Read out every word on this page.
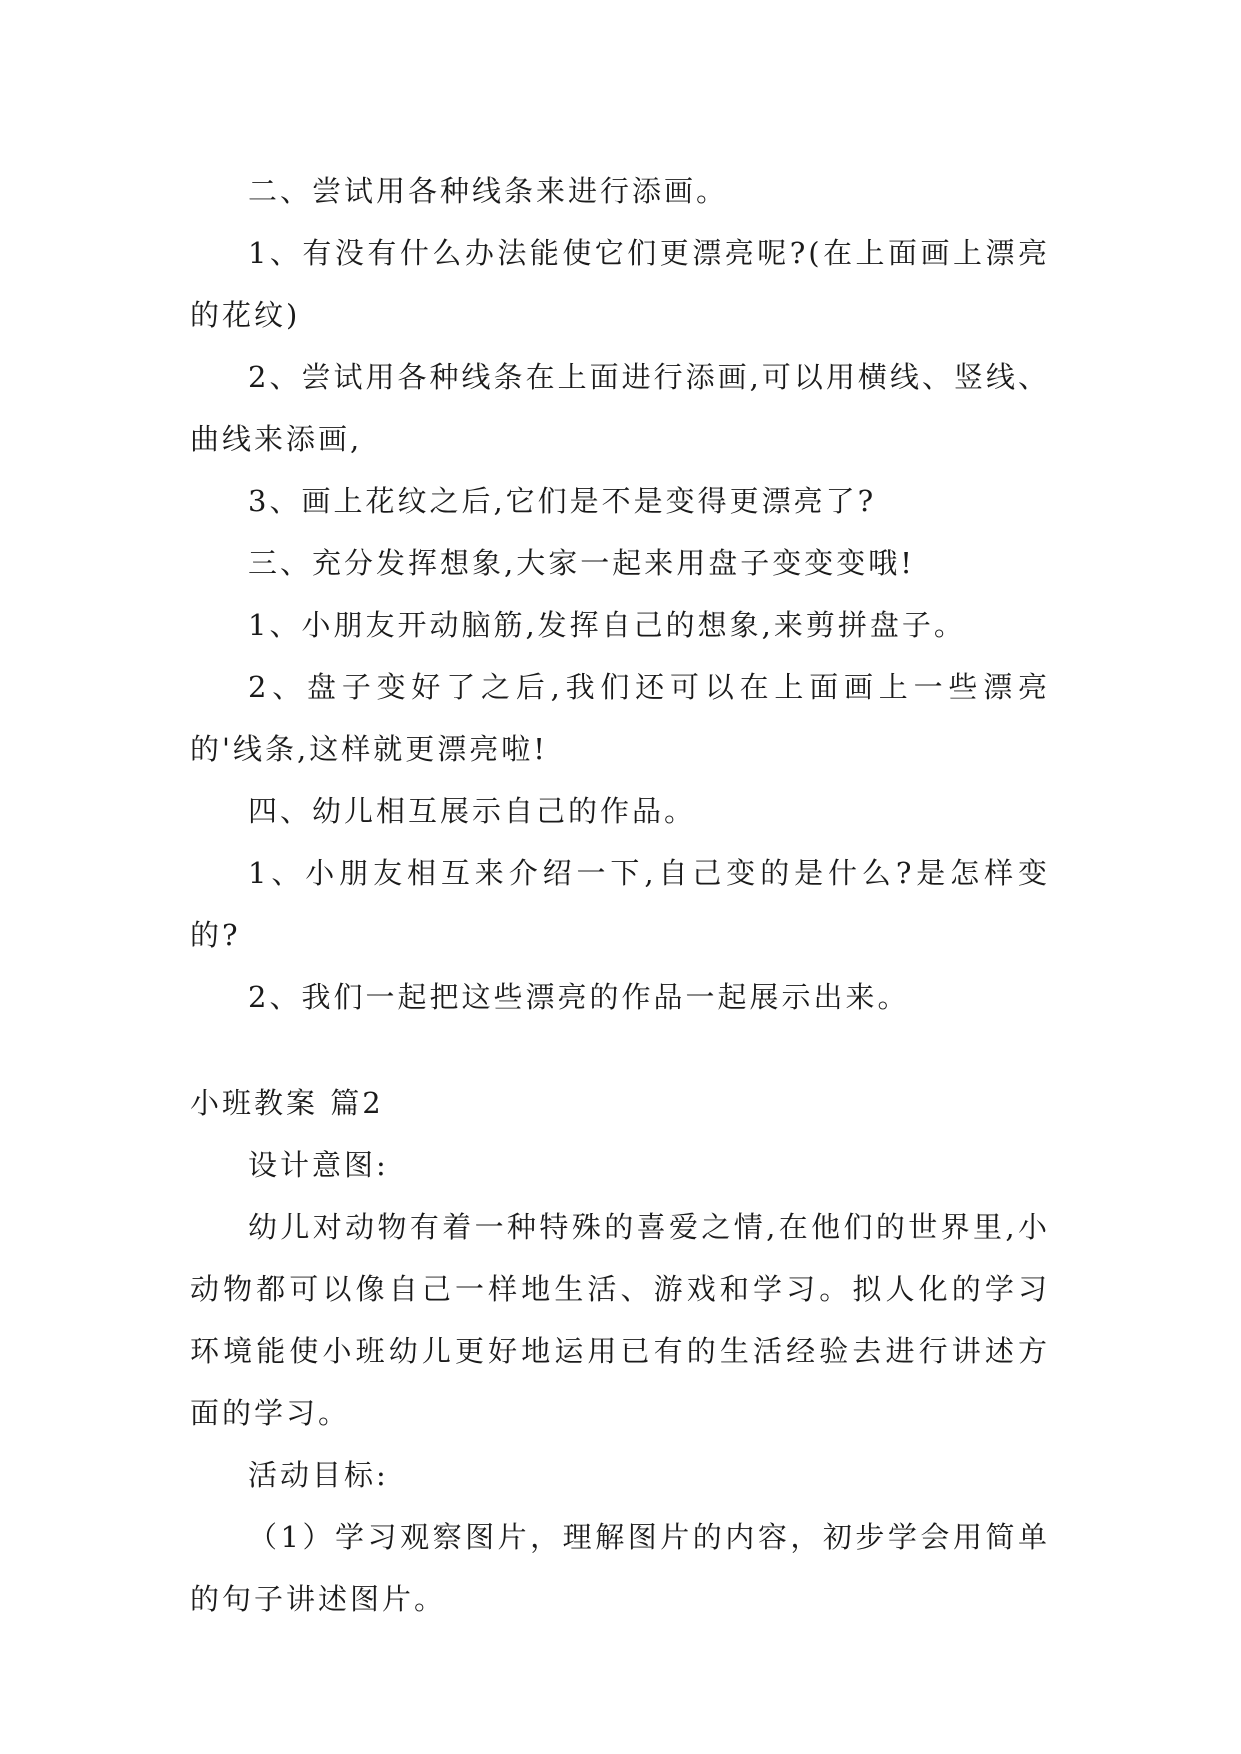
二、尝试用各种线条来进行添画。

1、有没有什么办法能使它们更漂亮呢?(在上面画上漂亮的花纹)

2、尝试用各种线条在上面进行添画,可以用横线、竖线、曲线来添画,

3、画上花纹之后,它们是不是变得更漂亮了?

三、充分发挥想象,大家一起来用盘子变变变哦!

1、小朋友开动脑筋,发挥自己的想象,来剪拼盘子。

2、盘子变好了之后,我们还可以在上面画上一些漂亮的'线条,这样就更漂亮啦!

四、幼儿相互展示自己的作品。

1、小朋友相互来介绍一下,自己变的是什么?是怎样变的?

2、我们一起把这些漂亮的作品一起展示出来。

小班教案 篇2

设计意图:

幼儿对动物有着一种特殊的喜爱之情,在他们的世界里,小动物都可以像自己一样地生活、游戏和学习。拟人化的学习环境能使小班幼儿更好地运用已有的生活经验去进行讲述方面的学习。

活动目标:

（1）学习观察图片，理解图片的内容，初步学会用简单的句子讲述图片。
